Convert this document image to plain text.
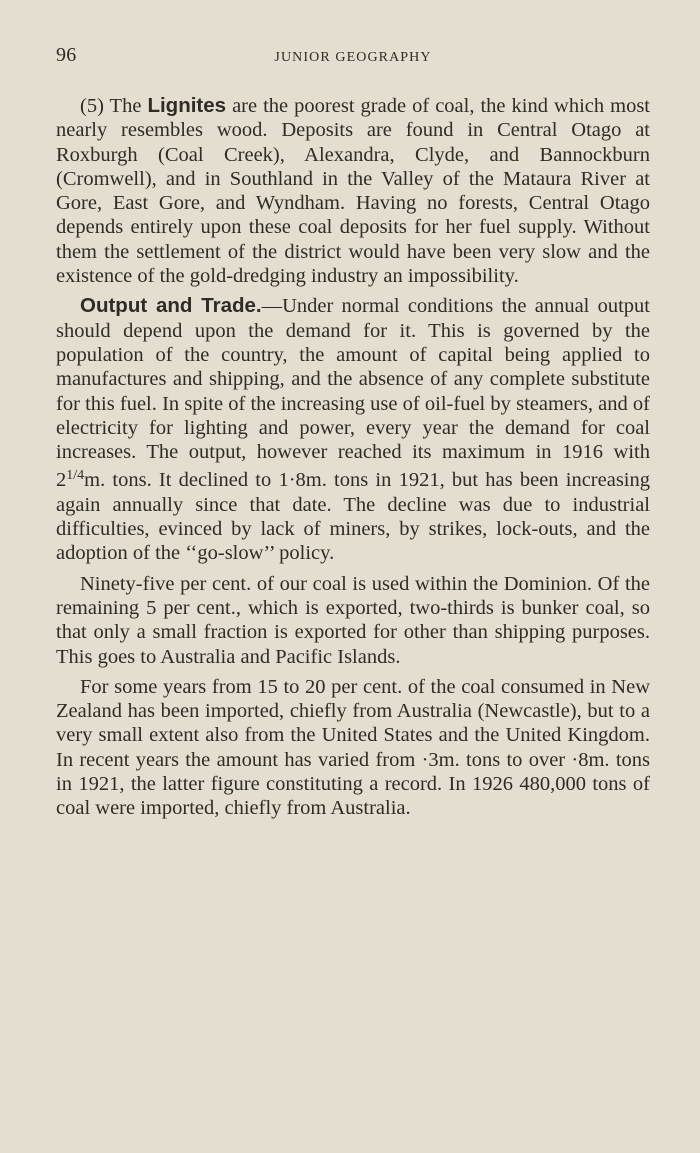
96	JUNIOR GEOGRAPHY

(5) The Lignites are the poorest grade of coal, the kind which most nearly resembles wood. Deposits are found in Central Otago at Roxburgh (Coal Creek), Alexandra, Clyde, and Bannockburn (Cromwell), and in Southland in the Valley of the Mataura River at Gore, East Gore, and Wyndham. Having no forests, Central Otago depends entirely upon these coal deposits for her fuel supply. Without them the settlement of the district would have been very slow and the existence of the gold-dredging industry an impossibility.

Output and Trade.—Under normal conditions the annual output should depend upon the demand for it. This is governed by the population of the country, the amount of capital being applied to manufactures and shipping, and the absence of any complete substitute for this fuel. In spite of the increasing use of oil-fuel by steamers, and of electricity for lighting and power, every year the demand for coal increases. The output, however reached its maximum in 1916 with $2^{1/4}m$. tons. It declined to 1·8m. tons in 1921, but has been increasing again annually since that date. The decline was due to industrial difficulties, evinced by lack of miners, by strikes, lock-outs, and the adoption of the ‘‘go-slow’’ policy.

Ninety-five per cent. of our coal is used within the Dominion. Of the remaining 5 per cent., which is exported, two-thirds is bunker coal, so that only a small fraction is exported for other than shipping purposes. This goes to Australia and Pacific Islands.

For some years from 15 to 20 per cent. of the coal consumed in New Zealand has been imported, chiefly from Australia (Newcastle), but to a very small extent also from the United States and the United Kingdom. In recent years the amount has varied from ·3m. tons to over ·8m. tons in 1921, the latter figure constituting a record. In 1926 480,000 tons of coal were imported, chiefly from Australia.
